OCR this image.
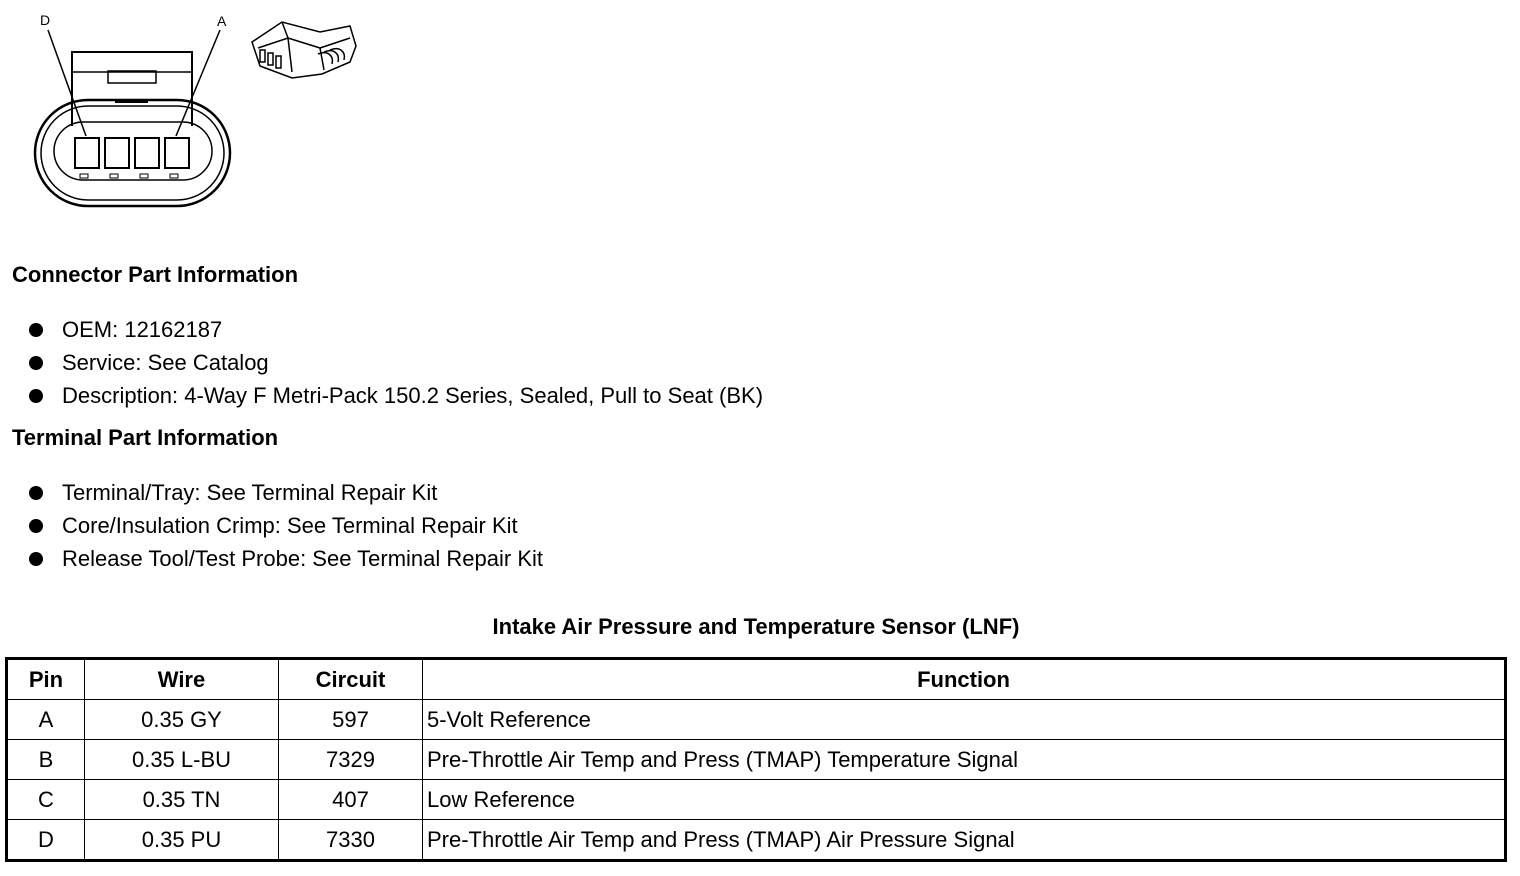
D	A
Connector Part Information
OEM: 12162187
Service: See Catalog
Description: 4-Way F Metri-Pack 150.2 Series, Sealed, Pull to Seat (BK)
Terminal Part Information
Terminal/Tray: See Terminal Repair Kit
Core/Insulation Crimp: See Terminal Repair Kit
Release Tool/Test Probe: See Terminal Repair Kit
Intake Air Pressure and Temperature Sensor (LNF)
Pin	Wire	Circuit	Function
A	0.35 GY	597	5-Volt Reference
B	0.35 L-BU	7329	Pre-Throttle Air Temp and Press (TMAP) Temperature Signal
C	0.35 TN	407	Low Reference
D	0.35 PU	7330	Pre-Throttle Air Temp and Press (TMAP) Air Pressure Signal
